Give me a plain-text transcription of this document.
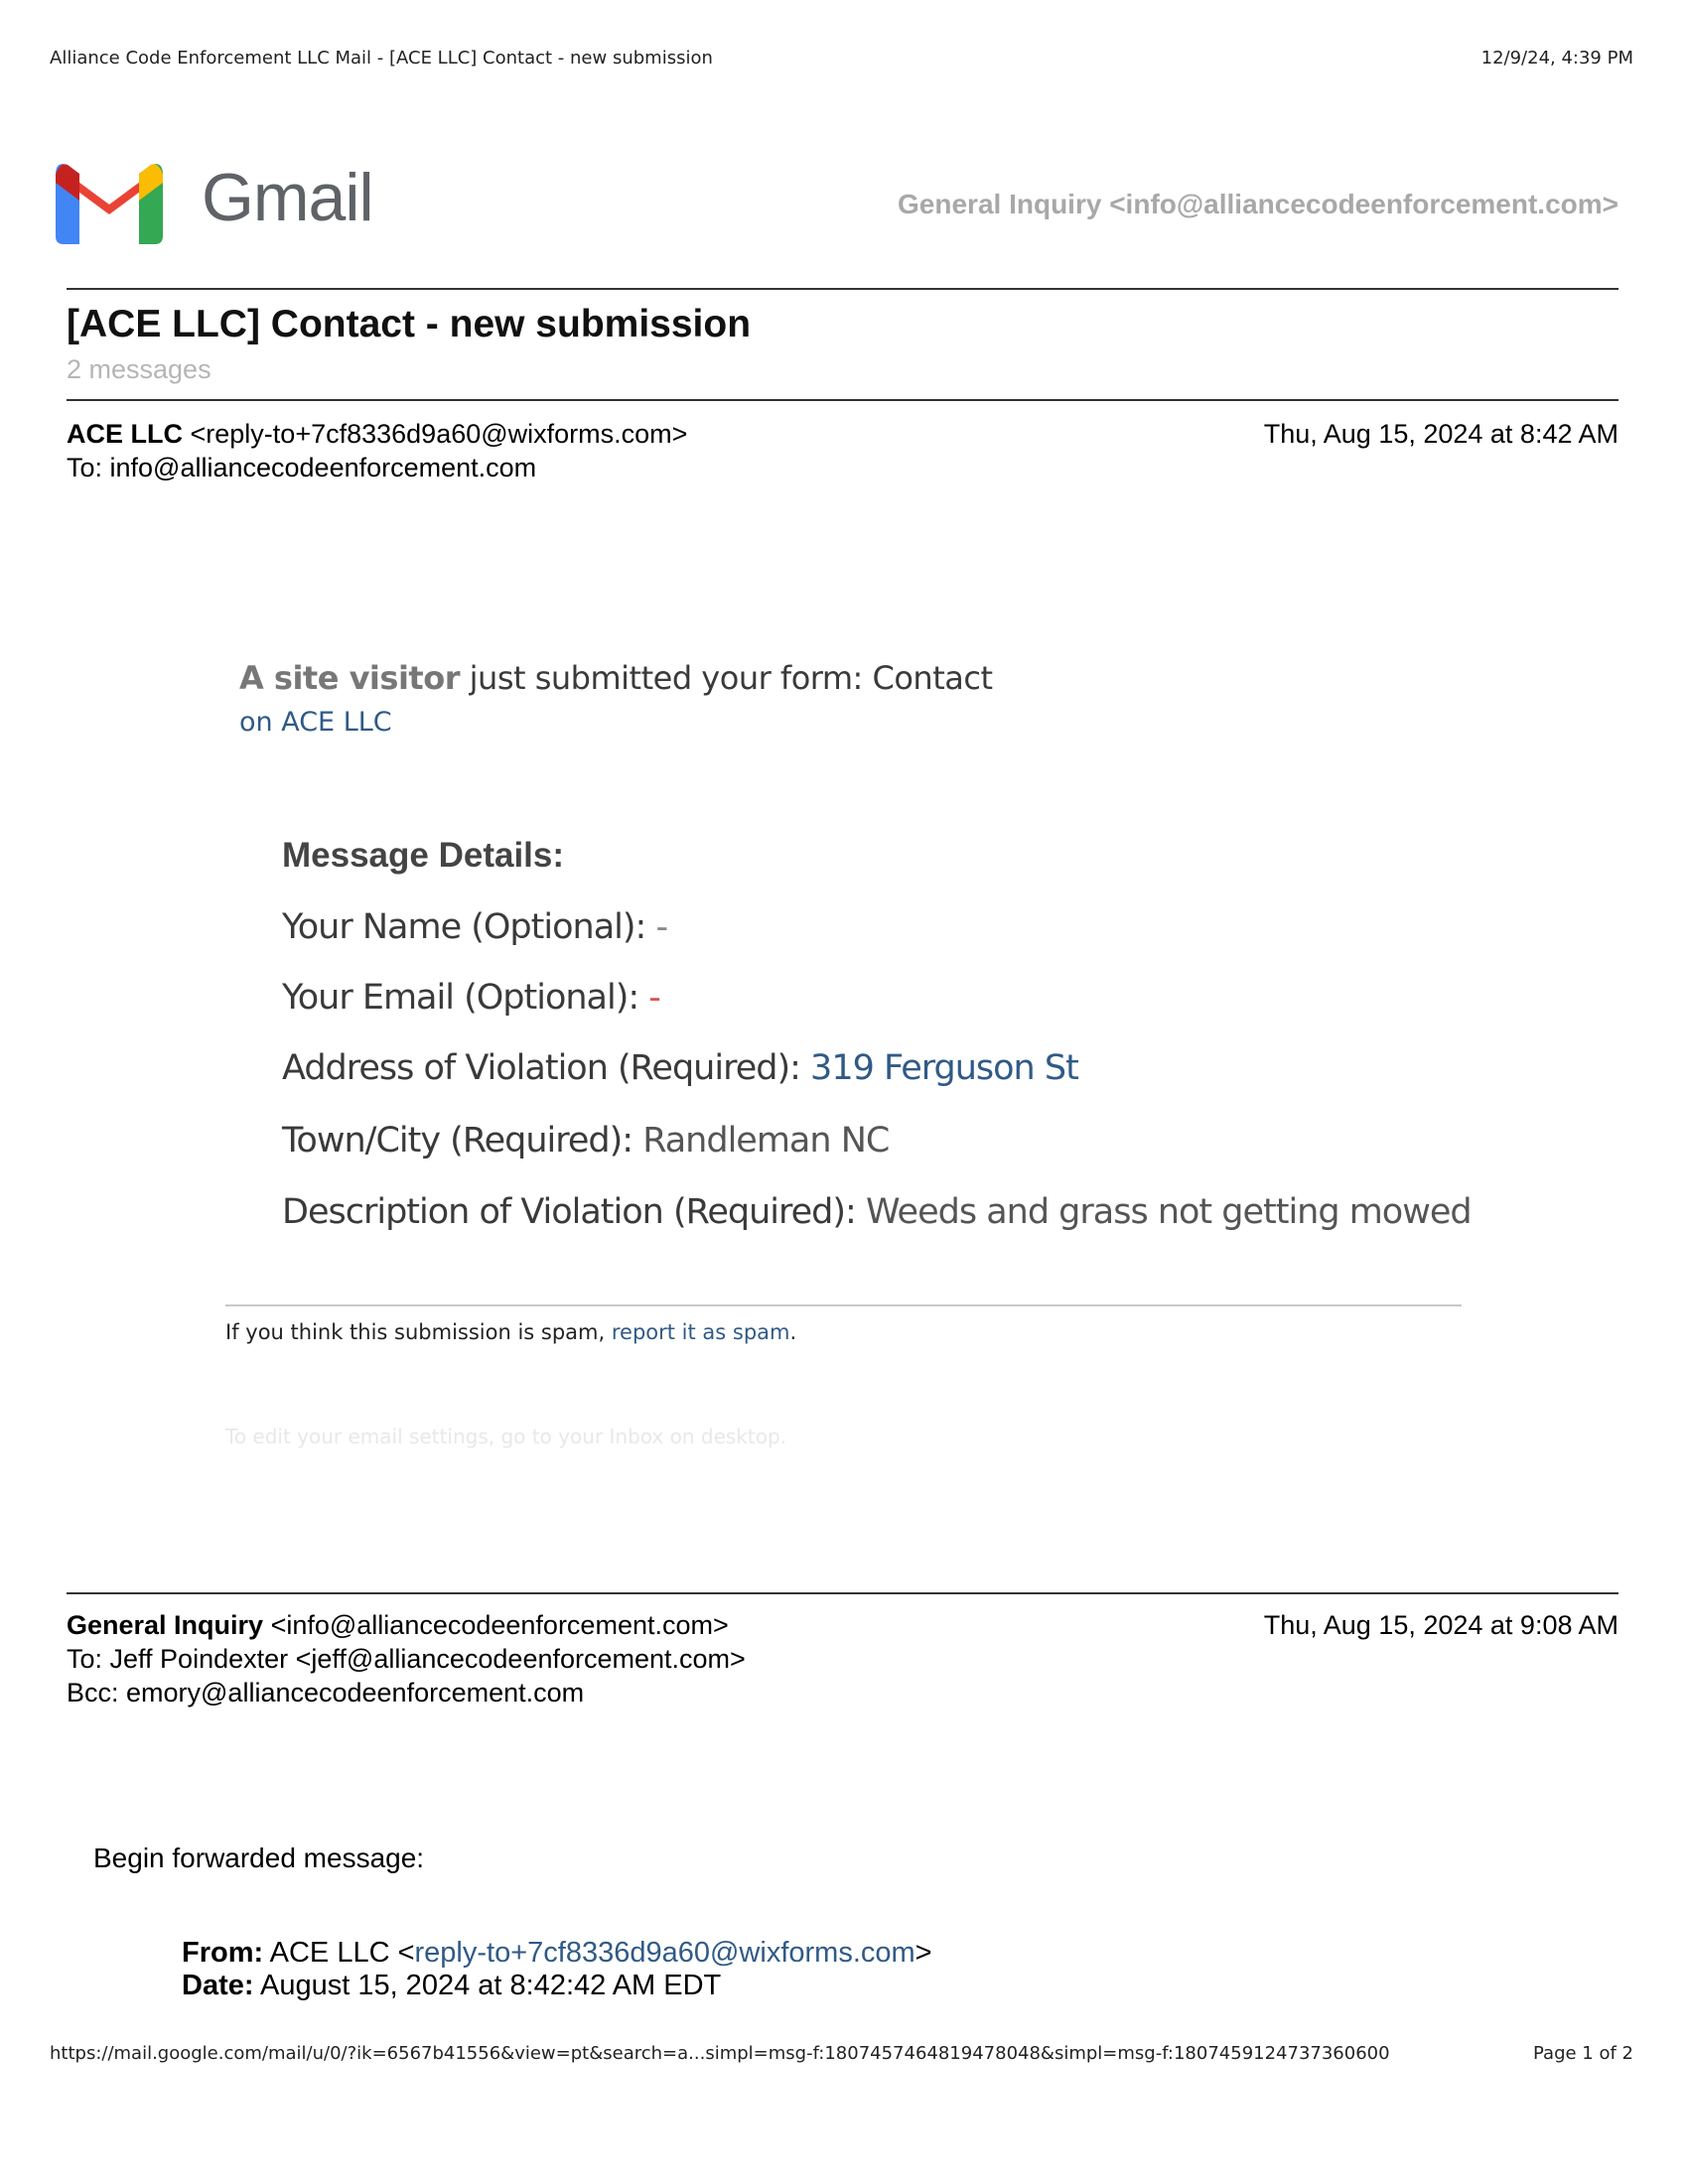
Alliance Code Enforcement LLC Mail - [ACE LLC] Contact - new submission	12/9/24, 4:39 PM
Gmail	General Inquiry <info@alliancecodeenforcement.com>
[ACE LLC] Contact - new submission
2 messages
ACE LLC <reply-to+7cf8336d9a60@wixforms.com>	Thu, Aug 15, 2024 at 8:42 AM
To: info@alliancecodeenforcement.com
A site visitor just submitted your form: Contact
on ACE LLC
Message Details:
Your Name (Optional): -
Your Email (Optional): -
Address of Violation (Required): 319 Ferguson St
Town/City (Required): Randleman NC
Description of Violation (Required): Weeds and grass not getting mowed
If you think this submission is spam, report it as spam.
To edit your email settings, go to your Inbox on desktop.
General Inquiry <info@alliancecodeenforcement.com>	Thu, Aug 15, 2024 at 9:08 AM
To: Jeff Poindexter <jeff@alliancecodeenforcement.com>
Bcc: emory@alliancecodeenforcement.com
Begin forwarded message:
From: ACE LLC <reply-to+7cf8336d9a60@wixforms.com>
Date: August 15, 2024 at 8:42:42 AM EDT
https://mail.google.com/mail/u/0/?ik=6567b41556&view=pt&search=a...simpl=msg-f:1807457464819478048&simpl=msg-f:1807459124737360600	Page 1 of 2
